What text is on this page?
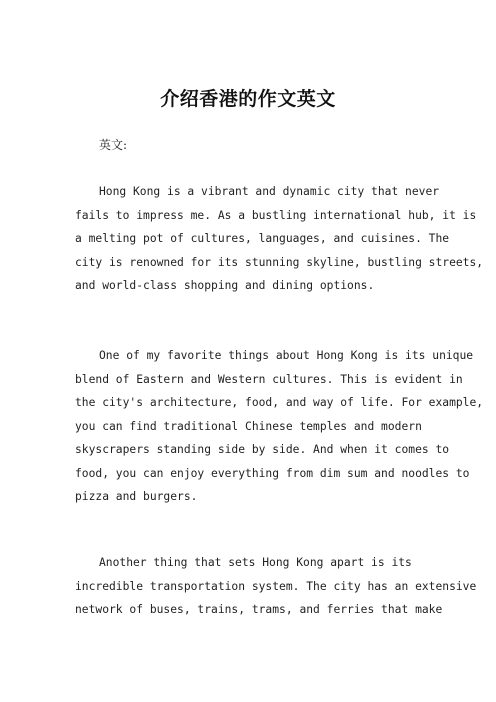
介绍香港的作文英文
英文:
Hong Kong is a vibrant and dynamic city that never
fails to impress me. As a bustling international hub, it is
a melting pot of cultures, languages, and cuisines. The
city is renowned for its stunning skyline, bustling streets,
and world-class shopping and dining options.
One of my favorite things about Hong Kong is its unique
blend of Eastern and Western cultures. This is evident in
the city's architecture, food, and way of life. For example,
you can find traditional Chinese temples and modern
skyscrapers standing side by side. And when it comes to
food, you can enjoy everything from dim sum and noodles to
pizza and burgers.
Another thing that sets Hong Kong apart is its
incredible transportation system. The city has an extensive
network of buses, trains, trams, and ferries that make
